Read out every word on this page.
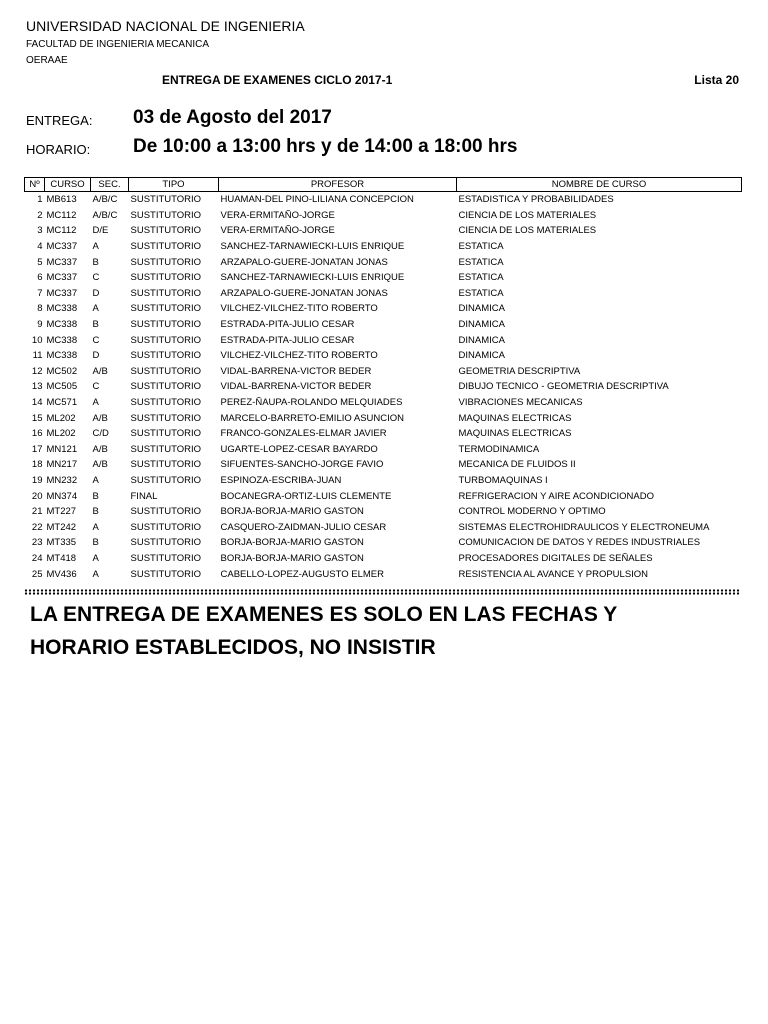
UNIVERSIDAD NACIONAL DE INGENIERIA
FACULTAD DE INGENIERIA MECANICA
OERAAE
ENTREGA DE EXAMENES CICLO 2017-1	Lista 20
ENTREGA: 03 de Agosto del 2017
HORARIO: De 10:00 a 13:00 hrs y de 14:00 a 18:00 hrs
Nº	CURSO	SEC.	TIPO	PROFESOR	NOMBRE DE CURSO
1	MB613	A/B/C	SUSTITUTORIO	HUAMAN-DEL PINO-LILIANA CONCEPCION	ESTADISTICA Y PROBABILIDADES
2	MC112	A/B/C	SUSTITUTORIO	VERA-ERMITAÑO-JORGE	CIENCIA DE LOS MATERIALES
3	MC112	D/E	SUSTITUTORIO	VERA-ERMITAÑO-JORGE	CIENCIA DE LOS MATERIALES
4	MC337	A	SUSTITUTORIO	SANCHEZ-TARNAWIECKI-LUIS ENRIQUE	ESTATICA
5	MC337	B	SUSTITUTORIO	ARZAPALO-GUERE-JONATAN JONAS	ESTATICA
6	MC337	C	SUSTITUTORIO	SANCHEZ-TARNAWIECKI-LUIS ENRIQUE	ESTATICA
7	MC337	D	SUSTITUTORIO	ARZAPALO-GUERE-JONATAN JONAS	ESTATICA
8	MC338	A	SUSTITUTORIO	VILCHEZ-VILCHEZ-TITO ROBERTO	DINAMICA
9	MC338	B	SUSTITUTORIO	ESTRADA-PITA-JULIO CESAR	DINAMICA
10	MC338	C	SUSTITUTORIO	ESTRADA-PITA-JULIO CESAR	DINAMICA
11	MC338	D	SUSTITUTORIO	VILCHEZ-VILCHEZ-TITO ROBERTO	DINAMICA
12	MC502	A/B	SUSTITUTORIO	VIDAL-BARRENA-VICTOR BEDER	GEOMETRIA DESCRIPTIVA
13	MC505	C	SUSTITUTORIO	VIDAL-BARRENA-VICTOR BEDER	DIBUJO TECNICO - GEOMETRIA DESCRIPTIVA
14	MC571	A	SUSTITUTORIO	PEREZ-ÑAUPA-ROLANDO MELQUIADES	VIBRACIONES MECANICAS
15	ML202	A/B	SUSTITUTORIO	MARCELO-BARRETO-EMILIO ASUNCION	MAQUINAS ELECTRICAS
16	ML202	C/D	SUSTITUTORIO	FRANCO-GONZALES-ELMAR JAVIER	MAQUINAS ELECTRICAS
17	MN121	A/B	SUSTITUTORIO	UGARTE-LOPEZ-CESAR BAYARDO	TERMODINAMICA
18	MN217	A/B	SUSTITUTORIO	SIFUENTES-SANCHO-JORGE FAVIO	MECANICA DE FLUIDOS II
19	MN232	A	SUSTITUTORIO	ESPINOZA-ESCRIBA-JUAN	TURBOMAQUINAS I
20	MN374	B	FINAL	BOCANEGRA-ORTIZ-LUIS CLEMENTE	REFRIGERACION Y AIRE ACONDICIONADO
21	MT227	B	SUSTITUTORIO	BORJA-BORJA-MARIO GASTON	CONTROL MODERNO Y OPTIMO
22	MT242	A	SUSTITUTORIO	CASQUERO-ZAIDMAN-JULIO CESAR	SISTEMAS ELECTROHIDRAULICOS Y ELECTRONEUMA
23	MT335	B	SUSTITUTORIO	BORJA-BORJA-MARIO GASTON	COMUNICACION DE DATOS Y REDES INDUSTRIALES
24	MT418	A	SUSTITUTORIO	BORJA-BORJA-MARIO GASTON	PROCESADORES DIGITALES DE SEÑALES
25	MV436	A	SUSTITUTORIO	CABELLO-LOPEZ-AUGUSTO ELMER	RESISTENCIA AL AVANCE Y PROPULSION
LA ENTREGA DE EXAMENES ES SOLO EN LAS FECHAS Y
HORARIO ESTABLECIDOS, NO INSISTIR
